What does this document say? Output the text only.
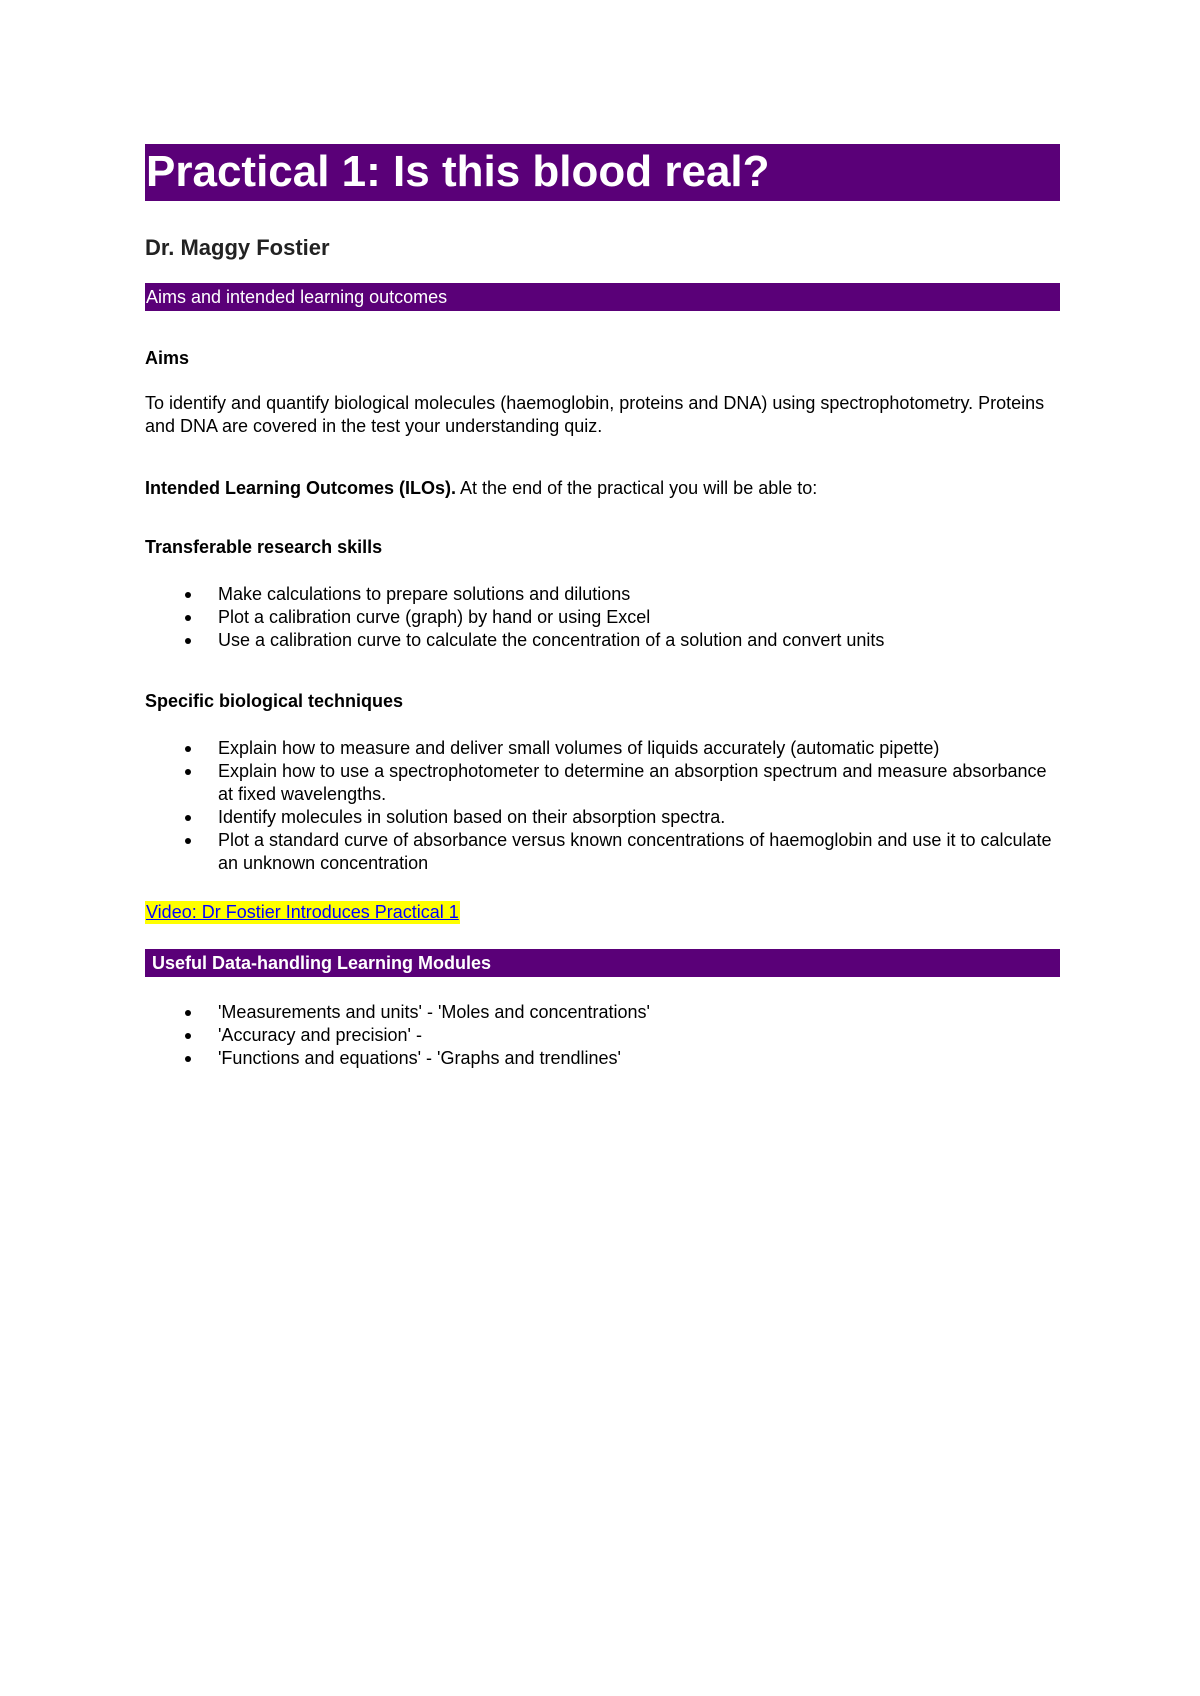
Practical 1: Is this blood real?
Dr. Maggy Fostier
Aims and intended learning outcomes
Aims
To identify and quantify biological molecules (haemoglobin, proteins and DNA) using spectrophotometry. Proteins and DNA are covered in the test your understanding quiz.
Intended Learning Outcomes (ILOs). At the end of the practical you will be able to:
Transferable research skills
Make calculations to prepare solutions and dilutions
Plot a calibration curve (graph) by hand or using Excel
Use a calibration curve to calculate the concentration of a solution and convert units
Specific biological techniques
Explain how to measure and deliver small volumes of liquids accurately (automatic pipette)
Explain how to use a spectrophotometer to determine an absorption spectrum and measure absorbance at fixed wavelengths.
Identify molecules in solution based on their absorption spectra.
Plot a standard curve of absorbance versus known concentrations of haemoglobin and use it to calculate an unknown concentration
Video: Dr Fostier Introduces Practical 1
Useful Data-handling Learning Modules
'Measurements and units' - 'Moles and concentrations'
'Accuracy and precision' -
'Functions and equations' - 'Graphs and trendlines'
